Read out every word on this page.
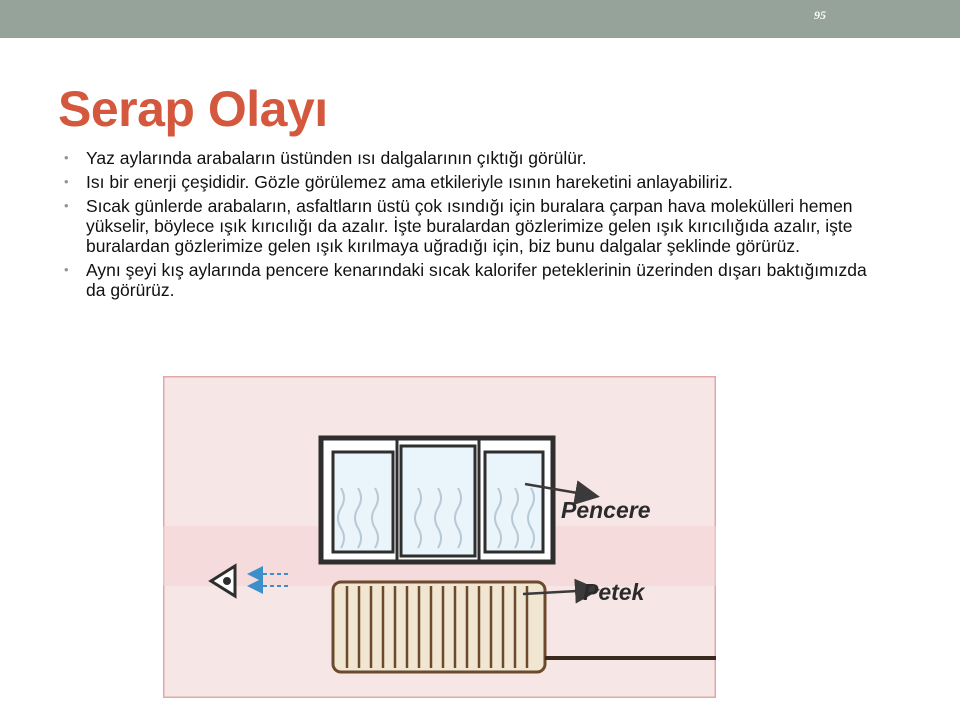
95
Serap Olayı
• Yaz aylarında arabaların üstünden ısı dalgalarının çıktığı görülür.
• Isı bir enerji çeşididir. Gözle görülemez ama etkileriyle ısının hareketini anlayabiliriz.
• Sıcak günlerde arabaların, asfaltların üstü çok ısındığı için buralara çarpan hava molekülleri hemen yükselir, böylece ışık kırıcılığı da azalır. İşte buralardan gözlerimize gelen ışık kırıcılığıda azalır, işte buralardan gözlerimize gelen ışık kırılmaya uğradığı için, biz bunu dalgalar şeklinde görürüz.
• Aynı şeyi kış aylarında pencere kenarındaki sıcak kalorifer peteklerinin üzerinden dışarı baktığımızda da görürüz.
Pencere
Petek
